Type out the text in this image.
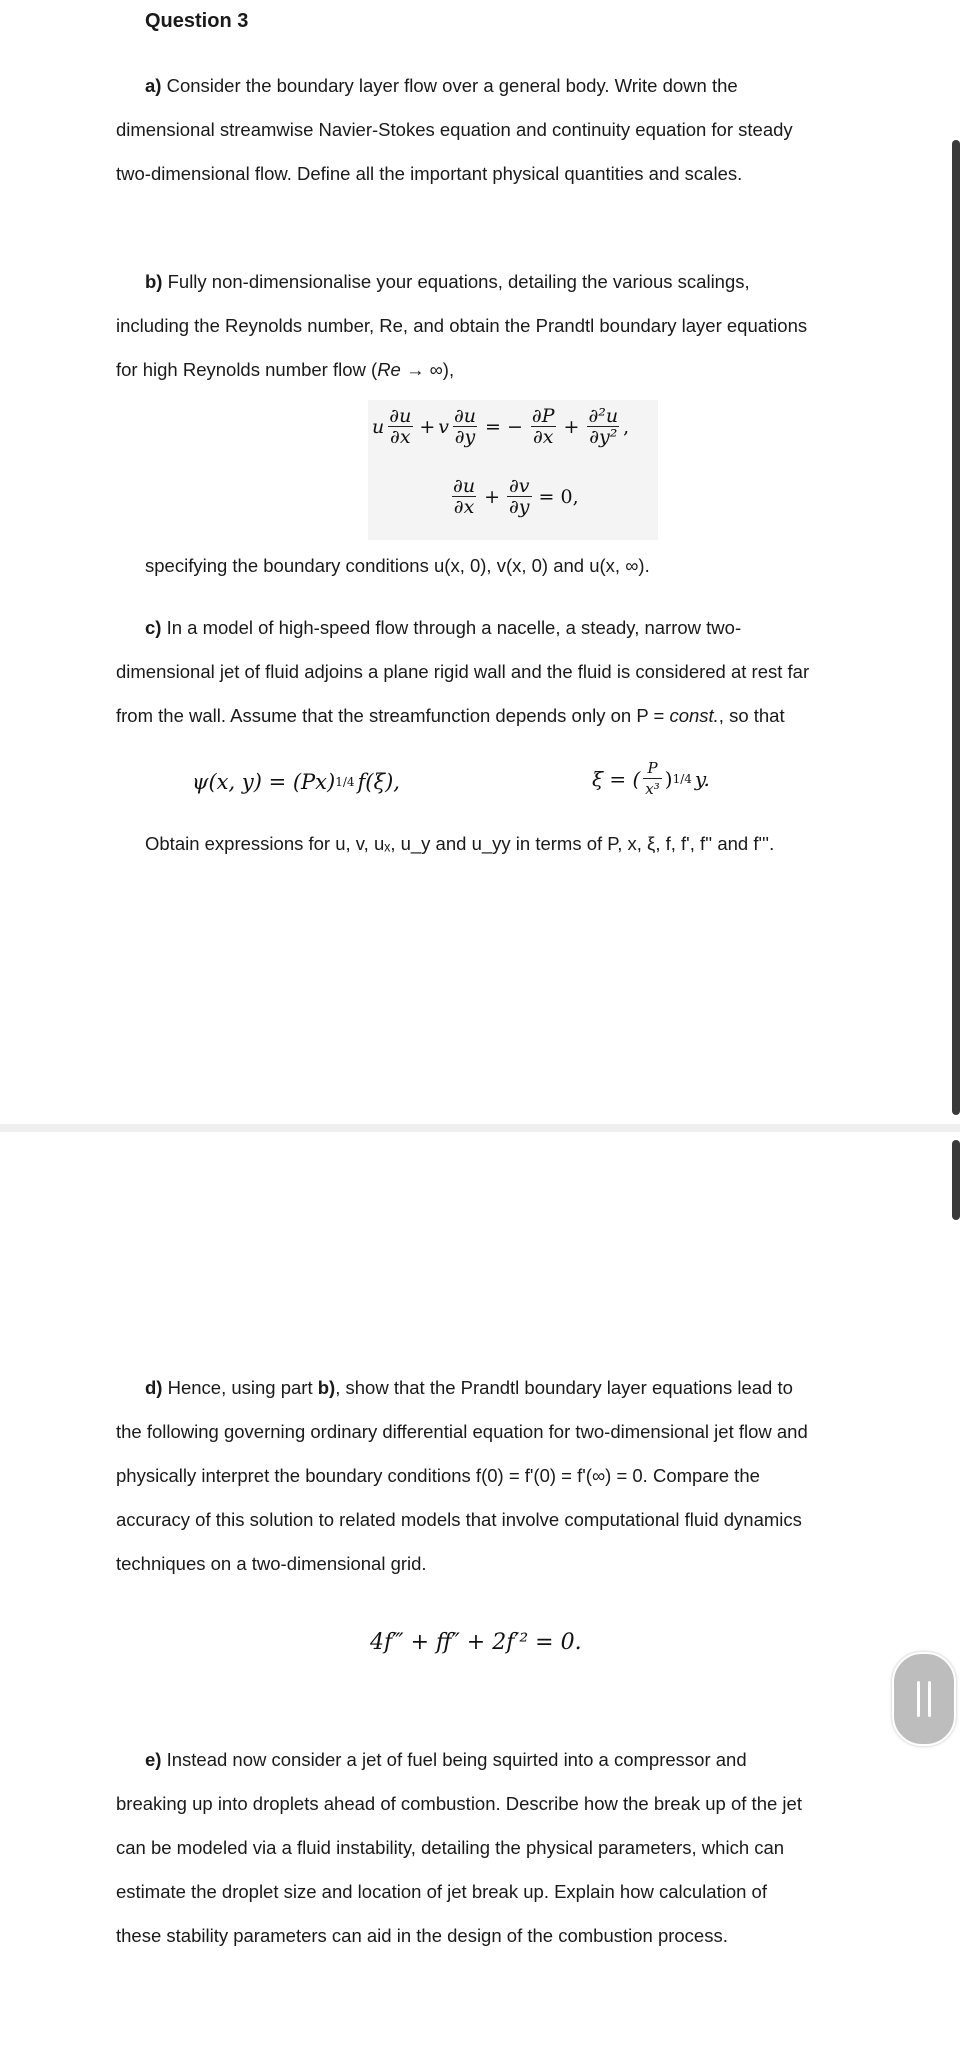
Question 3

a) Consider the boundary layer flow over a general body. Write down the

dimensional streamwise Navier-Stokes equation and continuity equation for steady

two-dimensional flow. Define all the important physical quantities and scales.

b) Fully non-dimensionalise your equations, detailing the various scalings,

including the Reynolds number, Re, and obtain the Prandtl boundary layer equations

for high Reynolds number flow (Re → ∞),

u $\frac{\partial u}{\partial x} + v \frac{\partial u}{\partial y}$ = − $\frac{\partial P}{\partial x} + \frac{\text{∂²u}}{\text{∂y²}}$ ,
$\frac{\partial u}{\partial x} + \frac{\partial v}{\partial y} = 0$,

specifying the boundary conditions u(x, 0), v(x, 0) and u(x, ∞).

c) In a model of high-speed flow through a nacelle, a steady, narrow two-

dimensional jet of fluid adjoins a plane rigid wall and the fluid is considered at rest far

from the wall. Assume that the streamfunction depends only on P = const., so that

ψ(x, y) = (Px) 1/4 f(ξ),	ξ = ( $\frac{P}{\text{x³}}$ ) 1/4 y.

Obtain expressions for u, v, uₓ, u_y and u_yy in terms of P, x, ξ, f, f', f'' and f'''.

d) Hence, using part b), show that the Prandtl boundary layer equations lead to

the following governing ordinary differential equation for two-dimensional jet flow and

physically interpret the boundary conditions f(0) = f'(0) = f'(∞) = 0. Compare the

accuracy of this solution to related models that involve computational fluid dynamics

techniques on a two-dimensional grid.

4f‴ + ff″ + 2f′² = 0.

e) Instead now consider a jet of fuel being squirted into a compressor and

breaking up into droplets ahead of combustion. Describe how the break up of the jet

can be modeled via a fluid instability, detailing the physical parameters, which can

estimate the droplet size and location of jet break up. Explain how calculation of

these stability parameters can aid in the design of the combustion process.
